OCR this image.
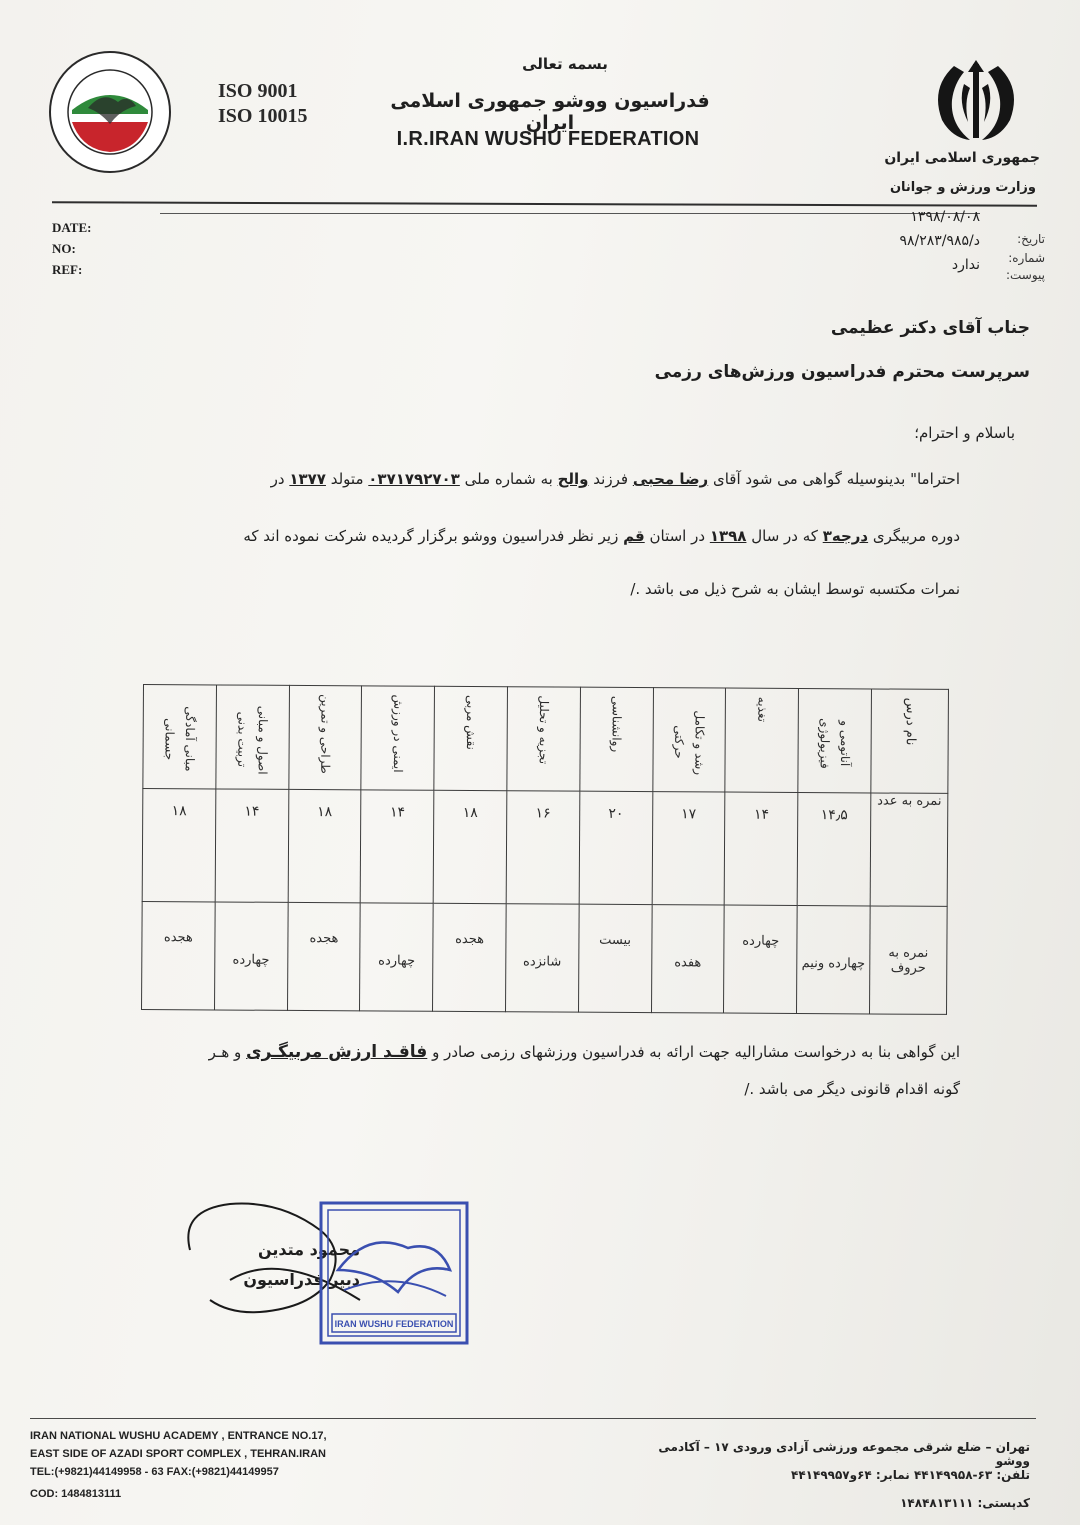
ISO 9001
ISO 10015
بسمه تعالی
فدراسیون ووشو جمهوری اسلامی ایران
I.R.IRAN WUSHU FEDERATION
جمهوری اسلامی ایران
وزارت ورزش و جوانان
DATE:
NO:
REF:
۱۳۹۸/۰۸/۰۸
۹۸/۲۸۳/د/۹۸۵
ندارد
تاریخ:
شماره:
پیوست:
جناب آقای دکتر عظیمی
سرپرست محترم فدراسیون ورزش‌های رزمی
باسلام و احترام؛
احتراما" بدینوسیله گواهی می شود آقای رضا محبی فرزند والح به شماره ملی ۰۳۷۱۷۹۲۷۰۳ متولد ۱۳۷۷ در
دوره مربیگری درجه۳ که در سال ۱۳۹۸ در استان قم زیر نظر فدراسیون ووشو برگزار گردیده شرکت نموده اند که
نمرات مکتسبه توسط ایشان به شرح ذیل می باشد ./
مبانی آمادگی جسمانی	اصول و مبانی تربیت بدنی	طراحی و تمرین	ایمنی در ورزش	نقش مربی	تجزیه و تحلیل	روانشناسی	رشد و تکامل حرکتی	تغذیه	آناتومی و فیزیولوژی	نام درس

۱۸	۱۴	۱۸	۱۴	۱۸	۱۶	۲۰	۱۷	۱۴	۱۴٫۵	نمره به عدد

هجده	چهارده	هجده	چهارده	هجده	شانزده	بیست	هفده	چهارده	چهارده ونیم	نمره به حروف
این گواهی بنا به درخواست مشارالیه جهت ارائه به فدراسیون ورزشهای رزمی صادر و فاقـد ارزش مربیگـری و هـر
گونه اقدام قانونی دیگر می باشد ./
محمود متدین
دبیر فدراسیون
IRAN WUSHU FEDERATION
IRAN NATIONAL WUSHU ACADEMY , ENTRANCE NO.17,
EAST SIDE OF AZADI SPORT COMPLEX , TEHRAN.IRAN
TEL:(+9821)44149958 - 63 FAX:(+9821)44149957
COD: 1484813111
تهران – ضلع شرقی مجموعه ورزشی آزادی ورودی ۱۷ – آکادمی ووشو
تلفن: ۶۳-۴۴۱۴۹۹۵۸ نمابر: ۶۴و۴۴۱۴۹۹۵۷
کدپستی: ۱۴۸۴۸۱۳۱۱۱
